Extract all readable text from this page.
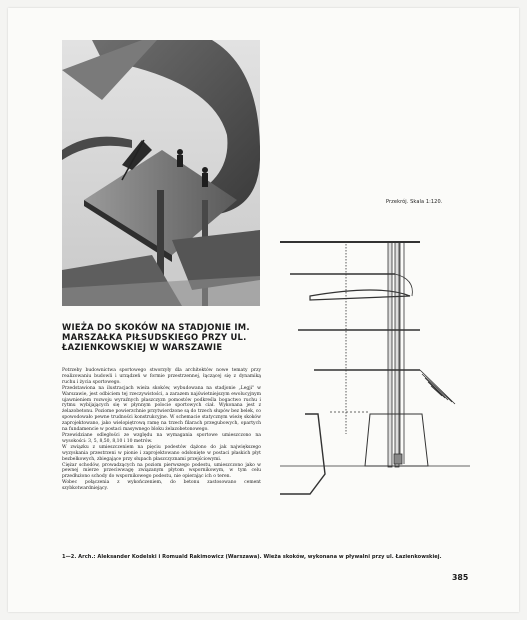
Przekrój. Skala 1:120.
WIEŻA DO SKOKÓW NA STADJONIE IM. MARSZAŁKA PIŁSUDSKIEGO PRZY UL. ŁAZIENKOWSKIEJ W WARSZAWIE

Potrzeby budownictwa sportowego stworzyły dla architektów nowe tematy przy realizowaniu budowli i urządzeń w formie przestrzennej, łączącej się z dynamiką ruchu i życia sportowego.

Przedstawiona na ilustracjach wieża skoków, wybudowana na stadjonie „Legji" w Warszawie, jest odbiciem tej rzeczywistości, a zarazem najświetniejszym ewolucyjnym ujawnieniem rozwoju wyraźnych płaszczyzn pomostów podkreśla bogactwo ruchu i rytmu wybijających się w płynnym polocie sportowych ciał. Wykonana jest z żelazobetonu. Poziome powierzchnie przytwierdzone są do trzech słupów bez belek, co spowodowało pewne trudności konstrukcyjne. W schemacie statycznym wieżę skoków zaprojektowano, jako wielopiętrową ramę na trzech filarach przegubowych, opartych na fundamencie w postaci masywnego bloku żelazobetonowego.

Przewidziane odległości ze względu na wymagania sportowe umieszczono na wysokości: 3, 5, 8,50, 8,10 i 10 metrów.

W związku z umieszczeniem na pięciu podestów dążono do jak największego wyzyskania przestrzeni w pionie i zaprojektowano odsłonięte w postaci płaskich płyt bezbelkowych, zbiegające przy słupach płaszczyznami przejściowymi.

Ciężar schodów, prowadzących na poziom pierwszego podestu, umieszczono jako w pewnej mierze przeciwwagę związanym płytom wspornikowym, w tym celu przedłużono schody do wspornikowego podestu, nie opierając ich o teren.

Wobec połączenia z wykończeniem, do betonu zastosowano cement szybkotwardniejący.

1—2. Arch.: Aleksander Kodelski i Romuald Rakimowicz (Warszawa). Wieża skoków, wykonana w pływalni przy ul. Łazienkowskiej.
385
